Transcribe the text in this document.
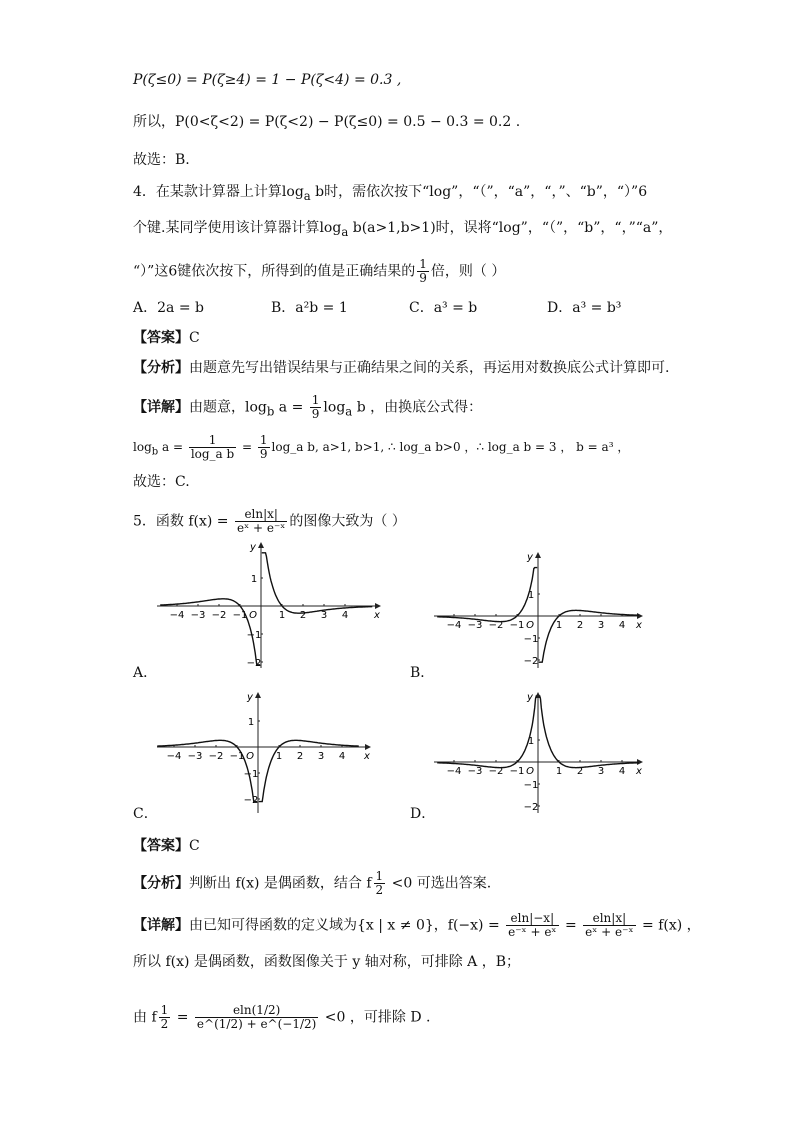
P(ζ≤0) = P(ζ≥4) = 1 − P(ζ<4) = 0.3 ,
所以，P(0<ζ<2) = P(ζ<2) − P(ζ≤0) = 0.5 − 0.3 = 0.2 .
故选：B.
4．在某款计算器上计算$\log_a b$时，需依次按下“log”，“（”，“a”，“，”、“b”，“）”6
个键.某同学使用该计算器计算$\log_a b(a>1,b>1)$时，误将“log”，“（”，“b”，“，”“a”，
“）”这6键依次按下，所得到的值是正确结果的 $\frac{1}{9}$ 倍，则（ ）
A．2a = b	B．a²b = 1	C．a³ = b	D．a³ = b³
【答案】C
【分析】由题意先写出错误结果与正确结果之间的关系，再运用对数换底公式计算即可.
【详解】由题意，$\log_b a = \frac{1}{9} \log_a b$ ，由换底公式得：
$\log_b a = \frac{1}{\text{log\_a b}} = \frac{1}{9}$ log_a b, a>1, b>1, ∴ log_a b>0 ，∴ log_a b = 3 ， b = a³ ，
故选：C.
5．函数 $f(x) = \frac{eln|x|}{\text{eˣ + e⁻ˣ}}$ 的图像大致为（ ）
x
y
O
−4 −3 −2 −1	1 2 3 4
1
−1
−2
x
y
O
−4 −3 −2 −1	1 2 3 4
1
−1
−2
x
y
O
−4 −3 −2 −1	1 2 3 4
1
−1
−2
x
y
O
−4 −3 −2 −1	1 2 3 4
1
−1
−2
A．	B．
C．	D．
【答案】C
【分析】判断出 f(x) 是偶函数，结合 f $\frac{1}{2} <0$ 可选出答案.
【详解】由已知可得函数的定义域为{x | x ≠ 0}，$f(-x) = \frac{eln|-x|}{\text{e⁻ˣ + eˣ}} = \frac{eln|x|}{\text{eˣ + e⁻ˣ}} = f(x)$ ，
所以 f(x) 是偶函数，函数图像关于 y 轴对称，可排除 A ，B；
由 f $\frac{1}{2} = \frac{eln(1/2)}{e\^{}(1/2) + e\^{}(-1/2)} <0$ ，可排除 D .
